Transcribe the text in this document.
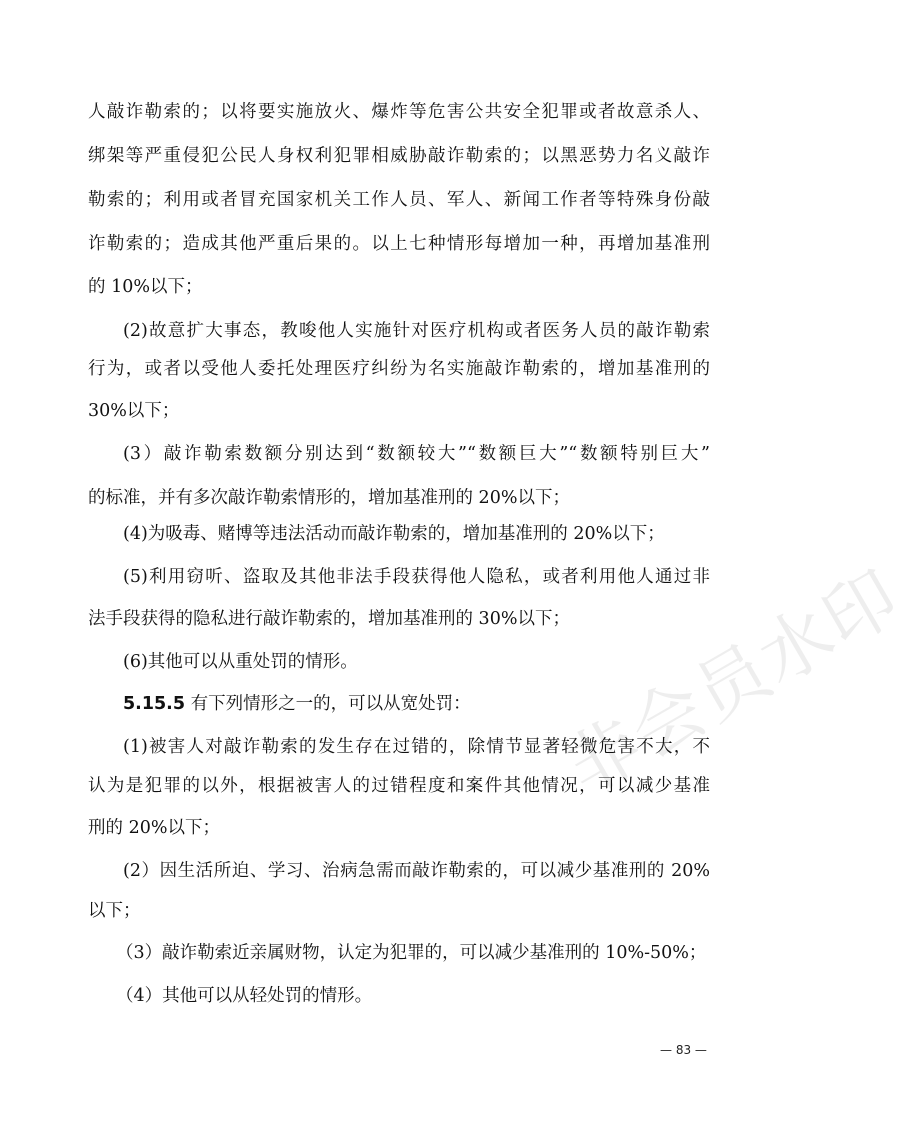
非会员水印
人敲诈勒索的；以将要实施放火、爆炸等危害公共安全犯罪或者故意杀人、
绑架等严重侵犯公民人身权利犯罪相威胁敲诈勒索的；以黑恶势力名义敲诈
勒索的；利用或者冒充国家机关工作人员、军人、新闻工作者等特殊身份敲
诈勒索的；造成其他严重后果的。以上七种情形每增加一种，再增加基准刑
的 10%以下；
(2)故意扩大事态，教唆他人实施针对医疗机构或者医务人员的敲诈勒索
行为，或者以受他人委托处理医疗纠纷为名实施敲诈勒索的，增加基准刑的
30%以下；
(3）敲诈勒索数额分别达到“数额较大”“数额巨大”“数额特别巨大”
的标准，并有多次敲诈勒索情形的，增加基准刑的 20%以下；
(4)为吸毒、赌博等违法活动而敲诈勒索的，增加基准刑的 20%以下；
(5)利用窃听、盗取及其他非法手段获得他人隐私，或者利用他人通过非
法手段获得的隐私进行敲诈勒索的，增加基准刑的 30%以下；
(6)其他可以从重处罚的情形。
5.15.5 有下列情形之一的，可以从宽处罚：
(1)被害人对敲诈勒索的发生存在过错的，除情节显著轻微危害不大，不
认为是犯罪的以外，根据被害人的过错程度和案件其他情况，可以减少基准
刑的 20%以下；
(2）因生活所迫、学习、治病急需而敲诈勒索的，可以减少基准刑的 20%
以下；
（3）敲诈勒索近亲属财物，认定为犯罪的，可以减少基准刑的 10%-50%；
（4）其他可以从轻处罚的情形。
— 83 —
